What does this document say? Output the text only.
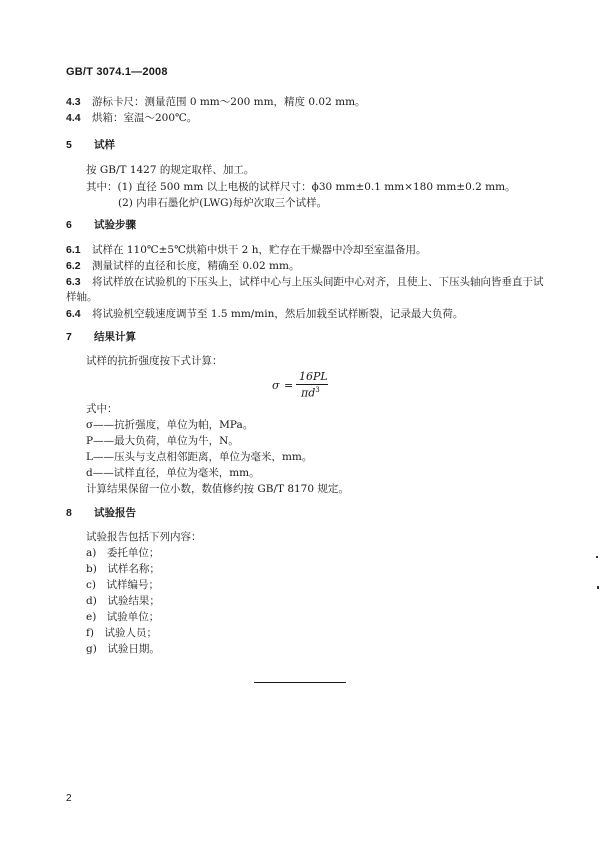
GB/T 3074.1—2008
4.3 游标卡尺：测量范围 0 mm～200 mm，精度 0.02 mm。
4.4 烘箱：室温～200℃。
5 试样
按 GB/T 1427 的规定取样、加工。
其中：(1) 直径 500 mm 以上电极的试样尺寸：ϕ30 mm±0.1 mm×180 mm±0.2 mm。
(2) 内串石墨化炉(LWG)每炉次取三个试样。
6 试验步骤
6.1 试样在 110℃±5℃烘箱中烘干 2 h，贮存在干燥器中冷却至室温备用。
6.2 测量试样的直径和长度，精确至 0.02 mm。
6.3 将试样放在试验机的下压头上，试样中心与上压头间距中心对齐，且使上、下压头轴向皆垂直于试
样轴。
6.4 将试验机空载速度调节至 1.5 mm/min，然后加载至试样断裂，记录最大负荷。
7 结果计算
试样的抗折强度按下式计算：
σ =
16PL
$\pi d^3$
式中：
σ——抗折强度，单位为帕，MPa。
P——最大负荷，单位为牛，N。
L——压头与支点相邻距离，单位为毫米，mm。
d——试样直径，单位为毫米，mm。
计算结果保留一位小数，数值修约按 GB/T 8170 规定。
8 试验报告
试验报告包括下列内容：
a)　委托单位；
b)　试样名称；
c)　试样编号；
d)　试验结果；
e)　试验单位；
f)　试验人员；
g)　试验日期。
2
